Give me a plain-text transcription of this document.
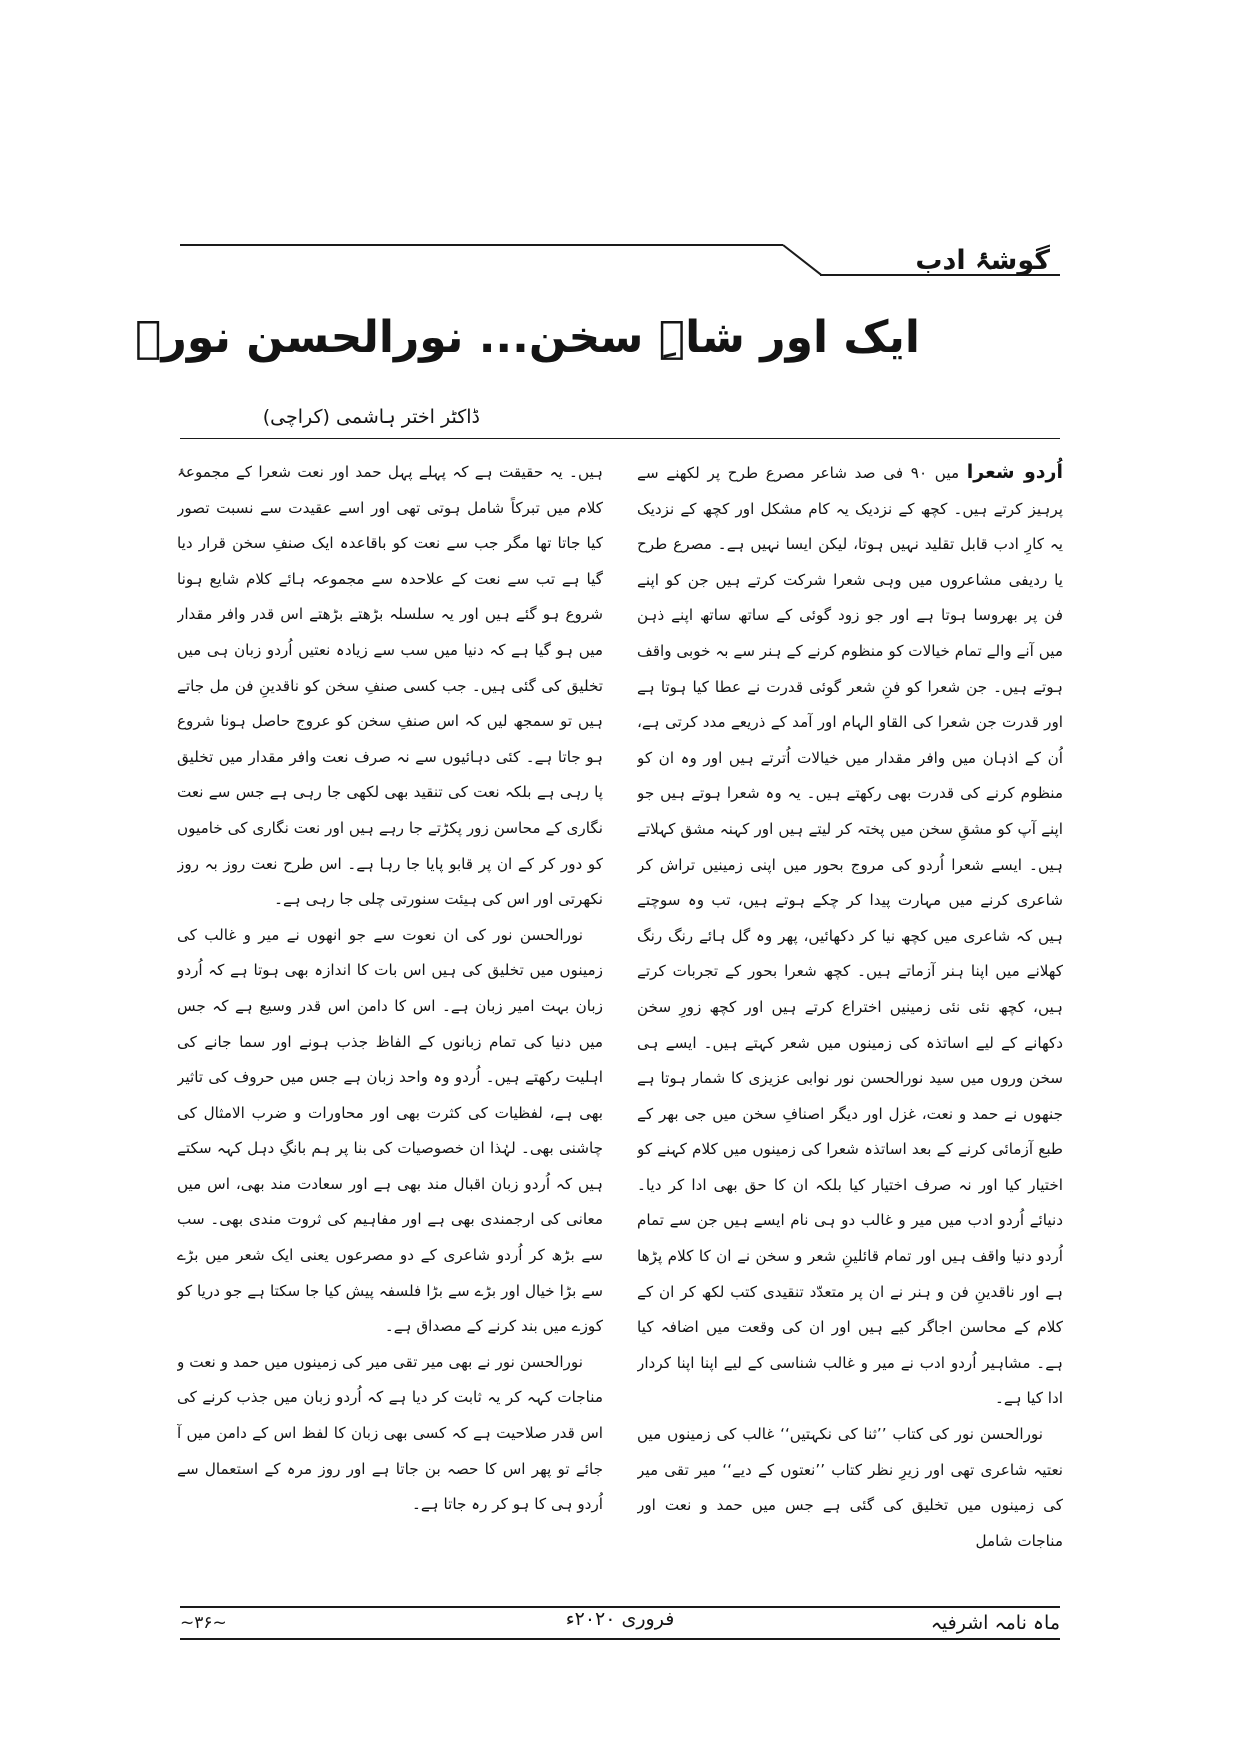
گوشۂ ادب
ایک اور شاہِ سخن... نورالحسن نورؔ
ڈاکٹر اختر ہاشمی (کراچی)

اُردو شعرا میں ۹۰ فی صد شاعر مصرع طرح پر لکھنے سے پرہیز کرتے ہیں۔ کچھ کے نزدیک یہ کام مشکل اور کچھ کے نزدیک یہ کارِ ادب قابل تقلید نہیں ہوتا، لیکن ایسا نہیں ہے۔ مصرع طرح یا ردیفی مشاعروں میں وہی شعرا شرکت کرتے ہیں جن کو اپنے فن پر بھروسا ہوتا ہے اور جو زود گوئی کے ساتھ ساتھ اپنے ذہن میں آنے والے تمام خیالات کو منظوم کرنے کے ہنر سے بہ خوبی واقف ہوتے ہیں۔ جن شعرا کو فنِ شعر گوئی قدرت نے عطا کیا ہوتا ہے اور قدرت جن شعرا کی القاو الہام اور آمد کے ذریعے مدد کرتی ہے، اُن کے اذہان میں وافر مقدار میں خیالات اُترتے ہیں اور وہ ان کو منظوم کرنے کی قدرت بھی رکھتے ہیں۔ یہ وہ شعرا ہوتے ہیں جو اپنے آپ کو مشقِ سخن میں پختہ کر لیتے ہیں اور کہنہ مشق کہلاتے ہیں۔ ایسے شعرا اُردو کی مروج بحور میں اپنی زمینیں تراش کر شاعری کرنے میں مہارت پیدا کر چکے ہوتے ہیں، تب وہ سوچتے ہیں کہ شاعری میں کچھ نیا کر دکھائیں، پھر وہ گل ہائے رنگ رنگ کھلانے میں اپنا ہنر آزماتے ہیں۔ کچھ شعرا بحور کے تجربات کرتے ہیں، کچھ نئی نئی زمینیں اختراع کرتے ہیں اور کچھ زورِ سخن دکھانے کے لیے اساتذہ کی زمینوں میں شعر کہتے ہیں۔ ایسے ہی سخن وروں میں سید نورالحسن نور نوابی عزیزی کا شمار ہوتا ہے جنھوں نے حمد و نعت، غزل اور دیگر اصنافِ سخن میں جی بھر کے طبع آزمائی کرنے کے بعد اساتذہ شعرا کی زمینوں میں کلام کہنے کو اختیار کیا اور نہ صرف اختیار کیا بلکہ ان کا حق بھی ادا کر دیا۔ دنیائے اُردو ادب میں میر و غالب دو ہی نام ایسے ہیں جن سے تمام اُردو دنیا واقف ہیں اور تمام قائلینِ شعر و سخن نے ان کا کلام پڑھا ہے اور ناقدینِ فن و ہنر نے ان پر متعدّد تنقیدی کتب لکھ کر ان کے کلام کے محاسن اجاگر کیے ہیں اور ان کی وقعت میں اضافہ کیا ہے۔ مشاہیر اُردو ادب نے میر و غالب شناسی کے لیے اپنا اپنا کردار ادا کیا ہے۔

نورالحسن نور کی کتاب ’’ثنا کی نکہتیں‘‘ غالب کی زمینوں میں نعتیہ شاعری تھی اور زیرِ نظر کتاب ’’نعتوں کے دیے‘‘ میر تقی میر کی زمینوں میں تخلیق کی گئی ہے جس میں حمد و نعت اور مناجات شامل

ہیں۔ یہ حقیقت ہے کہ پہلے پہل حمد اور نعت شعرا کے مجموعۂ کلام میں تبرکاً شامل ہوتی تھی اور اسے عقیدت سے نسبت تصور کیا جاتا تھا مگر جب سے نعت کو باقاعدہ ایک صنفِ سخن قرار دیا گیا ہے تب سے نعت کے علاحدہ سے مجموعہ ہائے کلام شایع ہونا شروع ہو گئے ہیں اور یہ سلسلہ بڑھتے بڑھتے اس قدر وافر مقدار میں ہو گیا ہے کہ دنیا میں سب سے زیادہ نعتیں اُردو زبان ہی میں تخلیق کی گئی ہیں۔ جب کسی صنفِ سخن کو ناقدینِ فن مل جاتے ہیں تو سمجھ لیں کہ اس صنفِ سخن کو عروج حاصل ہونا شروع ہو جاتا ہے۔ کئی دہائیوں سے نہ صرف نعت وافر مقدار میں تخلیق پا رہی ہے بلکہ نعت کی تنقید بھی لکھی جا رہی ہے جس سے نعت نگاری کے محاسن زور پکڑتے جا رہے ہیں اور نعت نگاری کی خامیوں کو دور کر کے ان پر قابو پایا جا رہا ہے۔ اس طرح نعت روز بہ روز نکھرتی اور اس کی ہیئت سنورتی چلی جا رہی ہے۔

نورالحسن نور کی ان نعوت سے جو انھوں نے میر و غالب کی زمینوں میں تخلیق کی ہیں اس بات کا اندازہ بھی ہوتا ہے کہ اُردو زبان بہت امیر زبان ہے۔ اس کا دامن اس قدر وسیع ہے کہ جس میں دنیا کی تمام زبانوں کے الفاظ جذب ہونے اور سما جانے کی اہلیت رکھتے ہیں۔ اُردو وہ واحد زبان ہے جس میں حروف کی تاثیر بھی ہے، لفظیات کی کثرت بھی اور محاورات و ضرب الامثال کی چاشنی بھی۔ لہٰذا ان خصوصیات کی بنا پر ہم بانگِ دہل کہہ سکتے ہیں کہ اُردو زبان اقبال مند بھی ہے اور سعادت مند بھی، اس میں معانی کی ارجمندی بھی ہے اور مفاہیم کی ثروت مندی بھی۔ سب سے بڑھ کر اُردو شاعری کے دو مصرعوں یعنی ایک شعر میں بڑے سے بڑا خیال اور بڑے سے بڑا فلسفہ پیش کیا جا سکتا ہے جو دریا کو کوزے میں بند کرنے کے مصداق ہے۔

نورالحسن نور نے بھی میر تقی میر کی زمینوں میں حمد و نعت و مناجات کہہ کر یہ ثابت کر دیا ہے کہ اُردو زبان میں جذب کرنے کی اس قدر صلاحیت ہے کہ کسی بھی زبان کا لفظ اس کے دامن میں آ جائے تو پھر اس کا حصہ بن جاتا ہے اور روز مرہ کے استعمال سے اُردو ہی کا ہو کر رہ جاتا ہے۔

ماہ نامہ اشرفیہ
فروری ۲۰۲۰ء
~۳۶~
